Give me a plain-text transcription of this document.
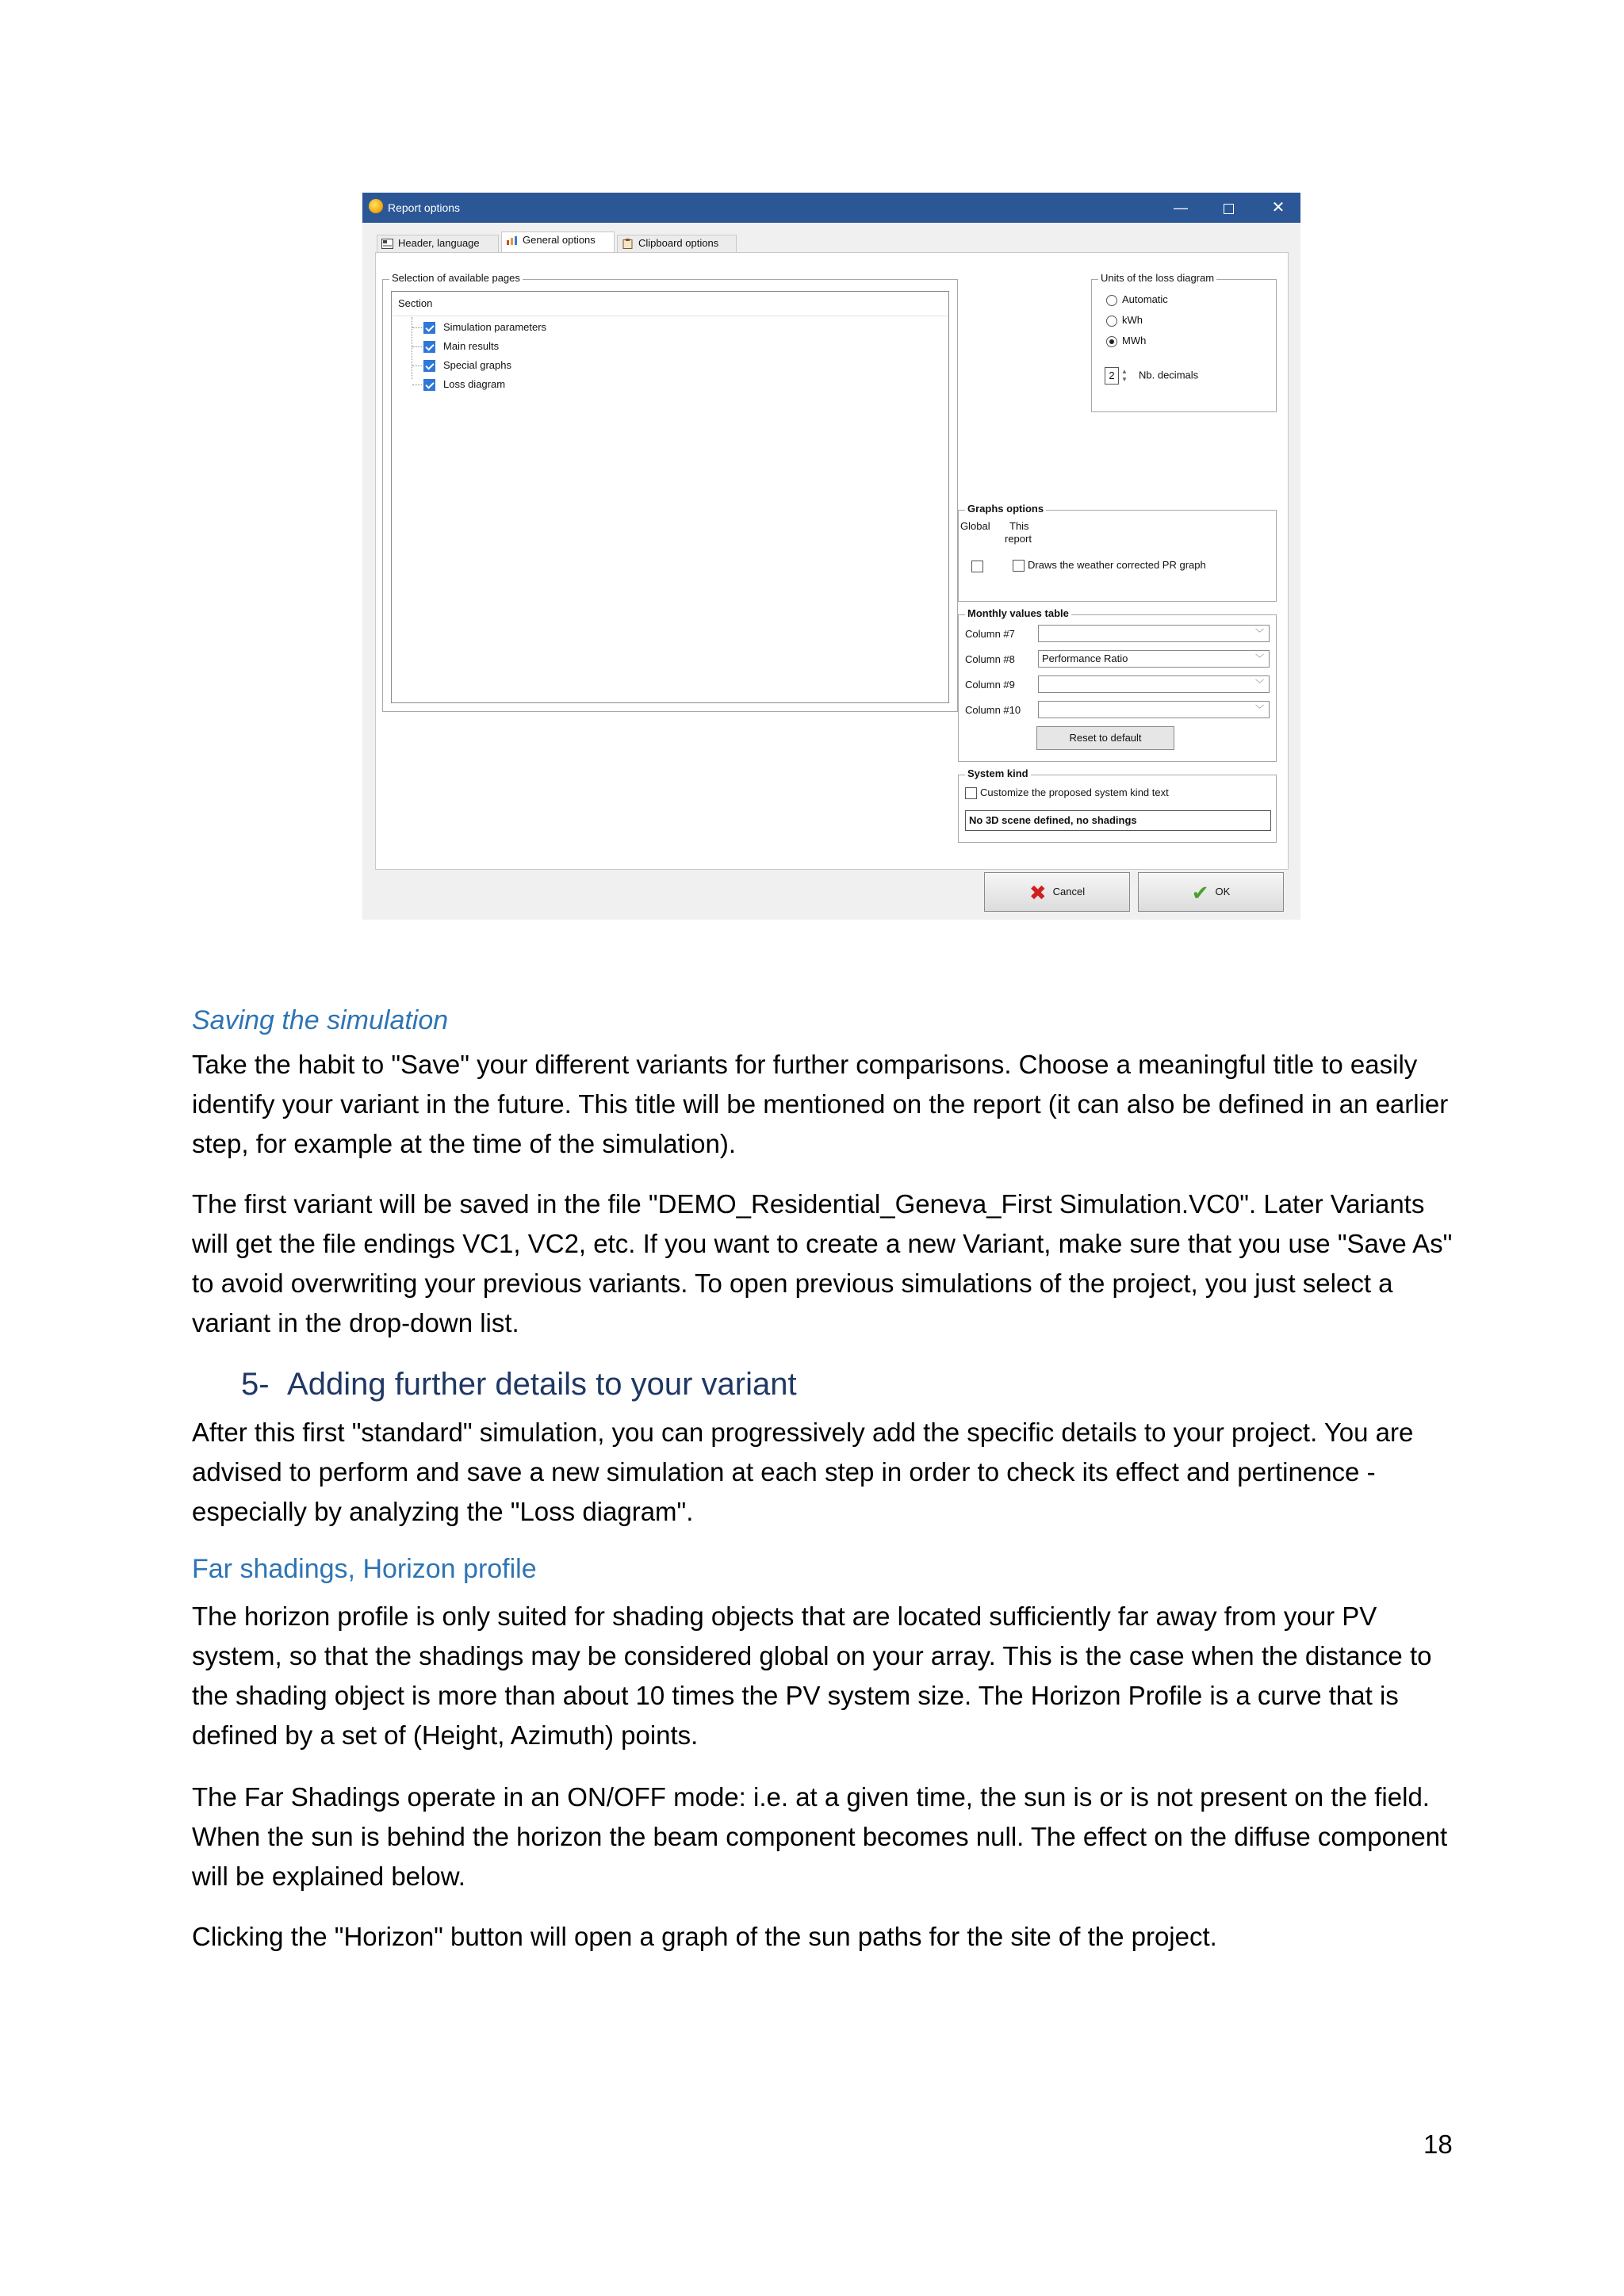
Report options	—	✕
Header, language	General options	Clipboard options
Selection of available pages
Section
Simulation parameters
Main results
Special graphs
Loss diagram
Units of the loss diagram
Automatic
kWh
MWh
2 ▲
▼ Nb. decimals
Graphs options
Global This
report
Draws the weather corrected PR graph
Monthly values table
Column #7	﹀
Column #8	Performance Ratio	﹀
Column #9	﹀
Column #10	﹀
Reset to default
System kind
Customize the proposed system kind text
No 3D scene defined, no shadings
✖ Cancel	✔ OK
Saving the simulation
Take the habit to "Save" your different variants for further comparisons. Choose a meaningful title to easily identify your variant in the future. This title will be mentioned on the report (it can also be defined in an earlier step, for example at the time of the simulation).
The first variant will be saved in the file "DEMO_Residential_Geneva_First Simulation.VC0". Later Variants will get the file endings VC1, VC2, etc. If you want to create a new Variant, make sure that you use "Save As" to avoid overwriting your previous variants. To open previous simulations of the project, you just select a variant in the drop-down list.
5- Adding further details to your variant
After this first "standard" simulation, you can progressively add the specific details to your project. You are advised to perform and save a new simulation at each step in order to check its effect and pertinence - especially by analyzing the "Loss diagram".
Far shadings, Horizon profile
The horizon profile is only suited for shading objects that are located sufficiently far away from your PV system, so that the shadings may be considered global on your array. This is the case when the distance to the shading object is more than about 10 times the PV system size. The Horizon Profile is a curve that is defined by a set of (Height, Azimuth) points.
The Far Shadings operate in an ON/OFF mode: i.e. at a given time, the sun is or is not present on the field. When the sun is behind the horizon the beam component becomes null. The effect on the diffuse component will be explained below.
Clicking the "Horizon" button will open a graph of the sun paths for the site of the project.
18
